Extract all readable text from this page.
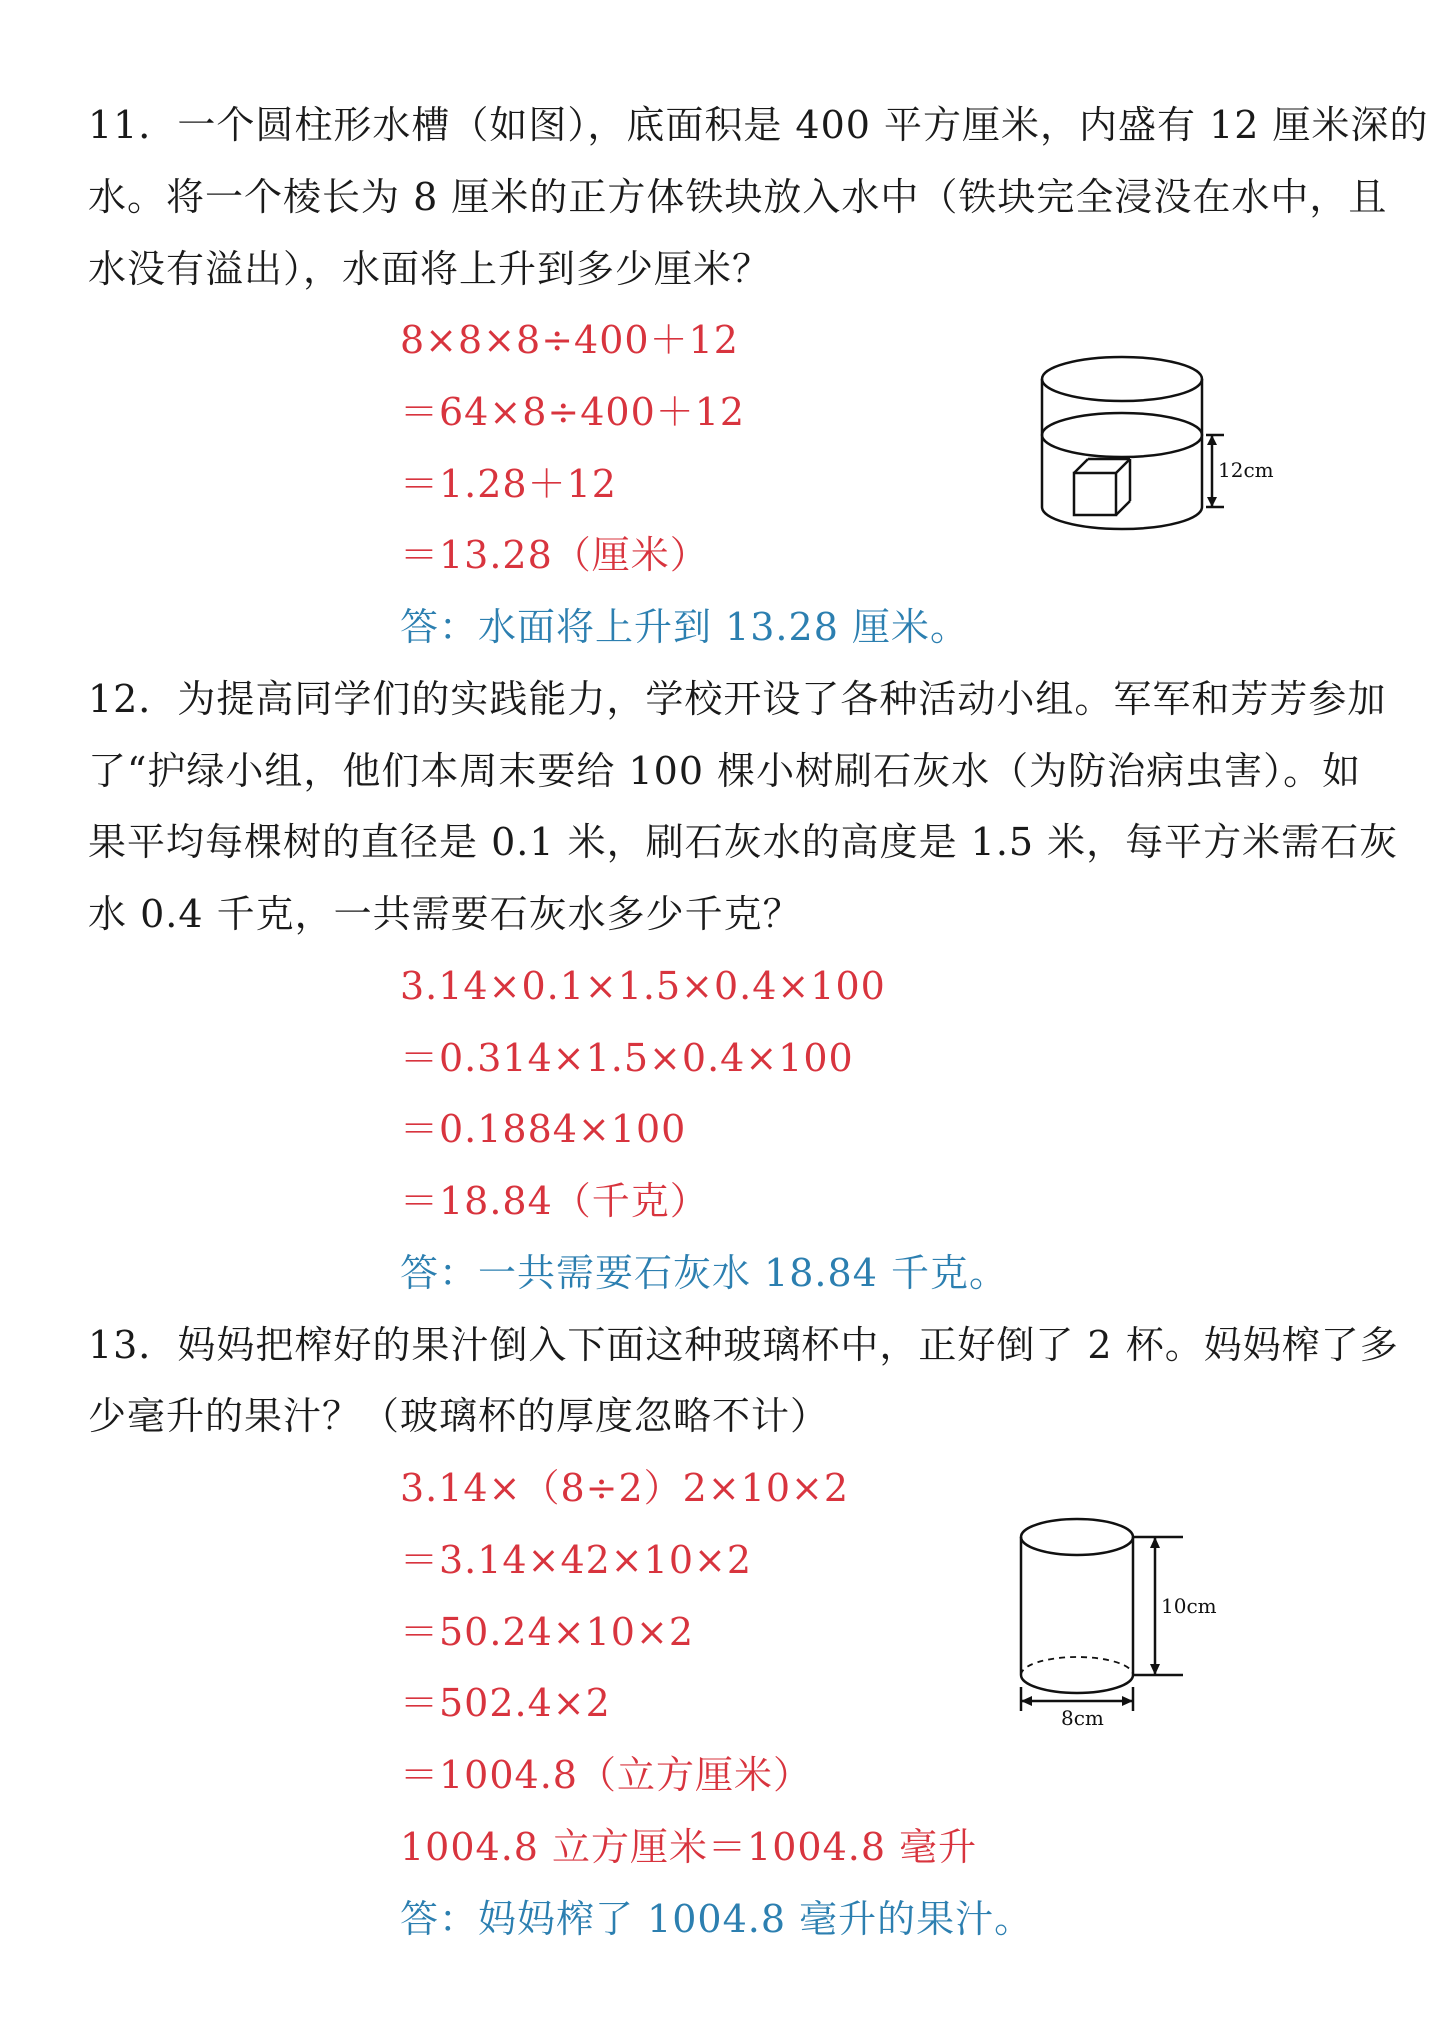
11．一个圆柱形水槽（如图），底面积是 400 平方厘米，内盛有 12 厘米深的
水。将一个棱长为 8 厘米的正方体铁块放入水中（铁块完全浸没在水中，且
水没有溢出），水面将上升到多少厘米？
8×8×8÷400＋12
＝64×8÷400＋12
＝1.28＋12
＝13.28（厘米）
答：水面将上升到 13.28 厘米。
12cm
12．为提高同学们的实践能力，学校开设了各种活动小组。军军和芳芳参加
了“护绿小组，他们本周末要给 100 棵小树刷石灰水（为防治病虫害）。如
果平均每棵树的直径是 0.1 米，刷石灰水的高度是 1.5 米，每平方米需石灰
水 0.4 千克，一共需要石灰水多少千克？
3.14×0.1×1.5×0.4×100
＝0.314×1.5×0.4×100
＝0.1884×100
＝18.84（千克）
答：一共需要石灰水 18.84 千克。
13．妈妈把榨好的果汁倒入下面这种玻璃杯中，正好倒了 2 杯。妈妈榨了多
少毫升的果汁？（玻璃杯的厚度忽略不计）
3.14×（8÷2）2×10×2
＝3.14×42×10×2
＝50.24×10×2
＝502.4×2
＝1004.8（立方厘米）
1004.8 立方厘米＝1004.8 毫升
答：妈妈榨了 1004.8 毫升的果汁。
10cm
8cm
